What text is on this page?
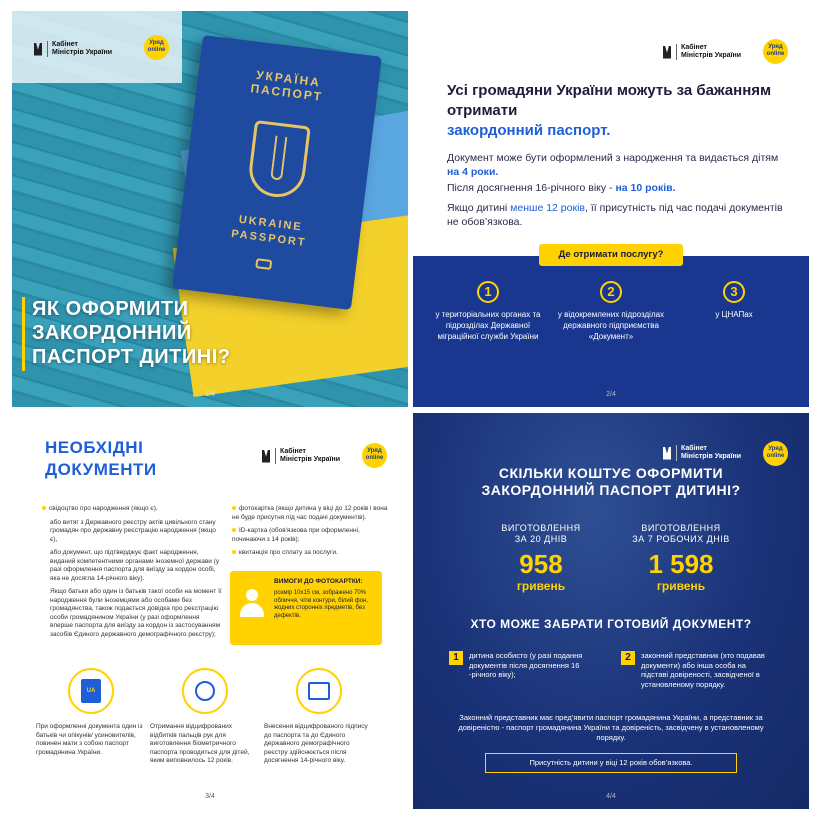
Кабінет
Міністрів України
Уряд
online
УКРАЇНА
ПАСПОРТ
UKRAINE
PASSPORT
ЯК ОФОРМИТИ
ЗАКОРДОННИЙ
ПАСПОРТ ДИТИНІ?
1/4
Кабінет
Міністрів України
Уряд
online
Усі громадяни України можуть за бажанням отримати
закордонний паспорт.
Документ може бути оформлений з народження та видається дітям на 4 роки.
Після досягнення 16-річного віку - на 10 років.
Якщо дитині менше 12 років, її присутність під час подачі документів не обов’язкова.
Де отримати послугу?
1
у територіальних органах та підрозділах Державної міграційної служби України
2
у відокремлених підрозділах державного підприємства «Документ»
3
у ЦНАПах
2/4
НЕОБХІДНІ
ДОКУМЕНТИ
Кабінет
Міністрів України
Уряд
online

свідоцтво про народження (якщо є),

або витяг з Державного реєстру актів цивільного стану громадян про державну реєстрацію народження (якщо є),

або документ, що підтверджує факт народження, виданий компетентними органами іноземної держави (у разі оформлення паспорта для виїзду за кордон особі, яка не досягла 14-річного віку).

Якщо батьки або один із батьків такої особи на момент її народження були іноземцями або особами без громадянства, також подається довідка про реєстрацію особи громадянином України (у разі оформлення вперше паспорта для виїзду за кордон із застосуванням засобів Єдиного державного демографічного реєстру);

фотокартка (якщо дитина у віці до 12 років і вона не буде присутня під час подачі документів).

ID-картка (обов'язкова при оформленні, починаючи з 14 років);

квитанція про сплату за послуги.

ВИМОГИ ДО ФОТОКАРТКИ:
розмір 10х15 см, зображено 70% обличчя, чіткі контури, білий фон, жодних сторонніх предметів, без дефектів.
UA
При оформленні документа один із батьків чи опікунів/ усиновителів, повинен мати з собою паспорт громадянина України.
Отримання відцифрованих відбитків пальців рук для виготовлення біометричного паспорта проводиться для дітей, яким виповнилось 12 років.
Внесення відцифрованого підпису до паспорта та до Єдиного державного демографічного реєстру здійснюється після досягнення 14-річного віку.
3/4
Кабінет
Міністрів України
Уряд
online
СКІЛЬКИ КОШТУЄ ОФОРМИТИ
ЗАКОРДОННИЙ ПАСПОРТ ДИТИНІ?
ВИГОТОВЛЕННЯ
ЗА 20 ДНІВ
958
гривень
ВИГОТОВЛЕННЯ
ЗА 7 РОБОЧИХ ДНІВ
1 598
гривень
ХТО МОЖЕ ЗАБРАТИ ГОТОВИЙ ДОКУМЕНТ?
1	дитина особисто (у разі подання документів після досягнення 16 -річного віку);
2	законний представник (хто подавав документи) або інша особа на підставі довіреності, засвідченої в установленому порядку.
Законний представник має пред’явити паспорт громадянина України, а представник за довіреністю - паспорт громадянина України та довіреність, засвідчену в установленому порядку.
Присутність дитини у віці 12 років обов’язкова.
4/4
